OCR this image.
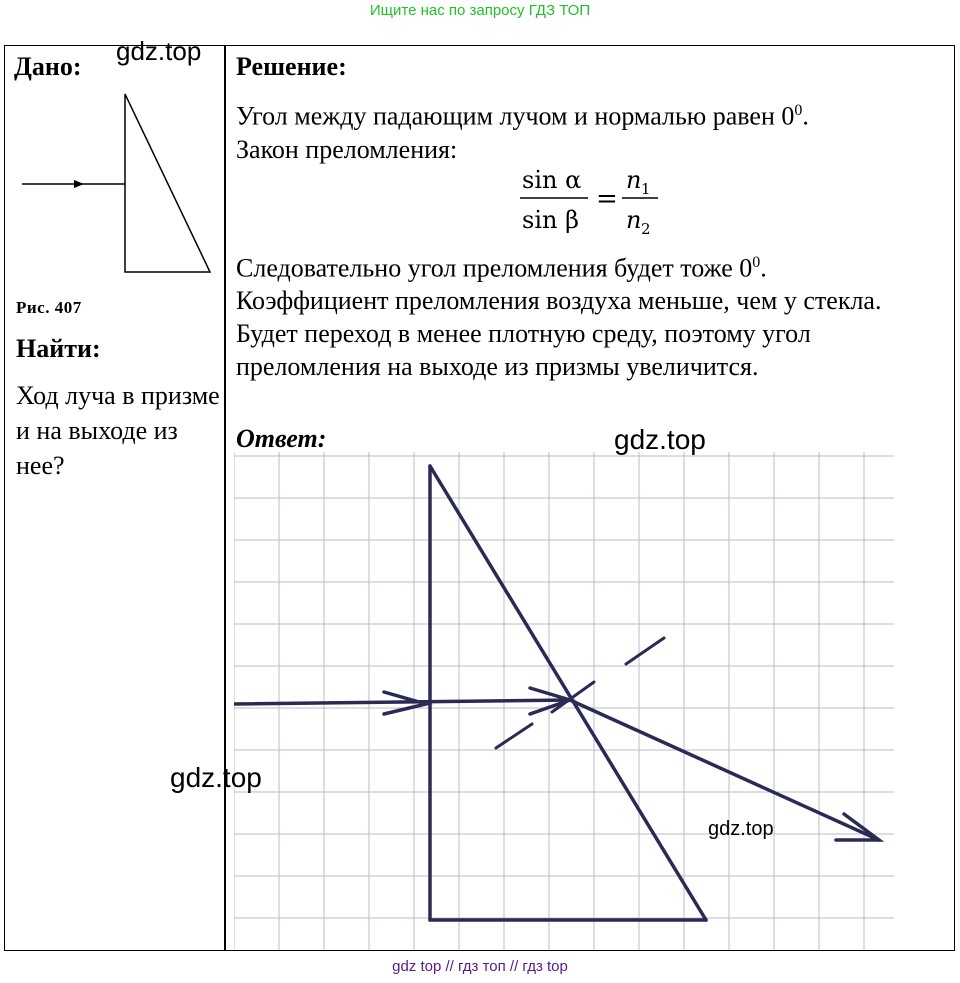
Ищите нас по запросу ГДЗ ТОП
Дано:
Рис. 407
Найти:
Ход луча в призме и на выходе из нее?
Решение:
Угол между падающим лучом и нормалью равен $0^0$.
Закон преломления:
Следовательно угол преломления будет тоже $0^0$.
Коэффициент преломления воздуха меньше, чем у стекла.
Будет переход в менее плотную среду, поэтому угол преломления на выходе из призмы увеличится.
sin α
sin β
=
n 1
n 2
Ответ:
gdz.top
gdz.top
gdz.top
gdz.top
gdz top // гдз топ // гдз top
